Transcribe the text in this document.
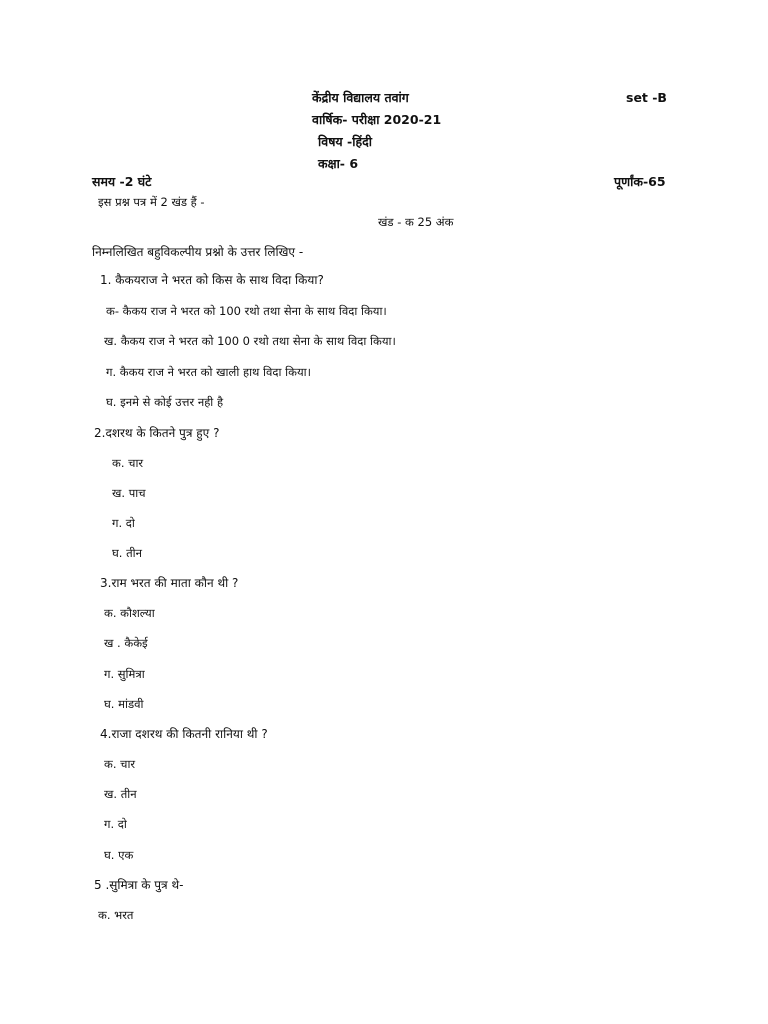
केंद्रीय विद्यालय तवांग	set -B
वार्षिक- परीक्षा 2020-21
विषय -हिंदी
कक्षा- 6
समय -2 घंटे	पूर्णांक-65
इस प्रश्न पत्र में 2 खंड हैं -
खंड - क 25 अंक
निम्नलिखित बहुविकल्पीय प्रश्नो के उत्तर लिखिए -
1. कैकयराज ने भरत को किस के साथ विदा किया?
क- कैकय राज ने भरत को 100 रथो तथा सेना के साथ विदा किया।
ख. कैकय राज ने भरत को 100 0 रथो तथा सेना के साथ विदा किया।
ग. कैकय राज ने भरत को खाली हाथ विदा किया।
घ. इनमे से कोई उत्तर नही है
2.दशरथ के कितने पुत्र हुए ?
क. चार
ख. पाच
ग. दो
घ. तीन
3.राम भरत की माता कौन थी ?
क. कौशल्या
ख . कैकेई
ग. सुमित्रा
घ. मांडवी
4.राजा दशरथ की कितनी रानिया थी ?
क. चार
ख. तीन
ग. दो
घ. एक
5 .सुमित्रा के पुत्र थे-
क. भरत
